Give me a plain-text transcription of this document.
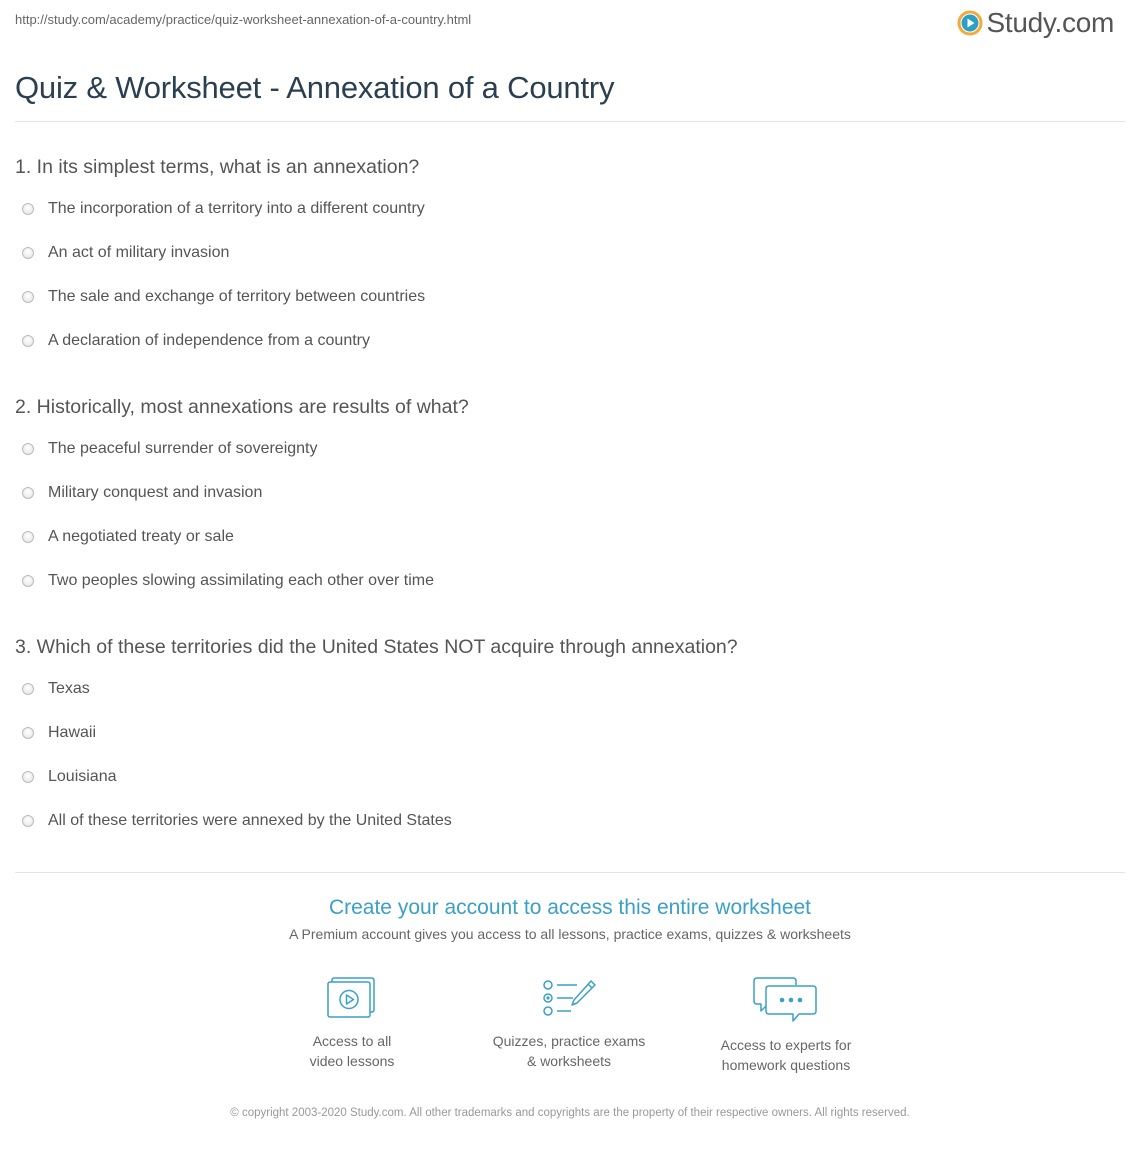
http://study.com/academy/practice/quiz-worksheet-annexation-of-a-country.html	Study.com
Quiz & Worksheet - Annexation of a Country
1. In its simplest terms, what is an annexation?
The incorporation of a territory into a different country
An act of military invasion
The sale and exchange of territory between countries
A declaration of independence from a country
2. Historically, most annexations are results of what?
The peaceful surrender of sovereignty
Military conquest and invasion
A negotiated treaty or sale
Two peoples slowing assimilating each other over time
3. Which of these territories did the United States NOT acquire through annexation?
Texas
Hawaii
Louisiana
All of these territories were annexed by the United States
Create your account to access this entire worksheet
A Premium account gives you access to all lessons, practice exams, quizzes & worksheets
Access to all
video lessons
Quizzes, practice exams
& worksheets
Access to experts for
homework questions
© copyright 2003-2020 Study.com. All other trademarks and copyrights are the property of their respective owners. All rights reserved.
